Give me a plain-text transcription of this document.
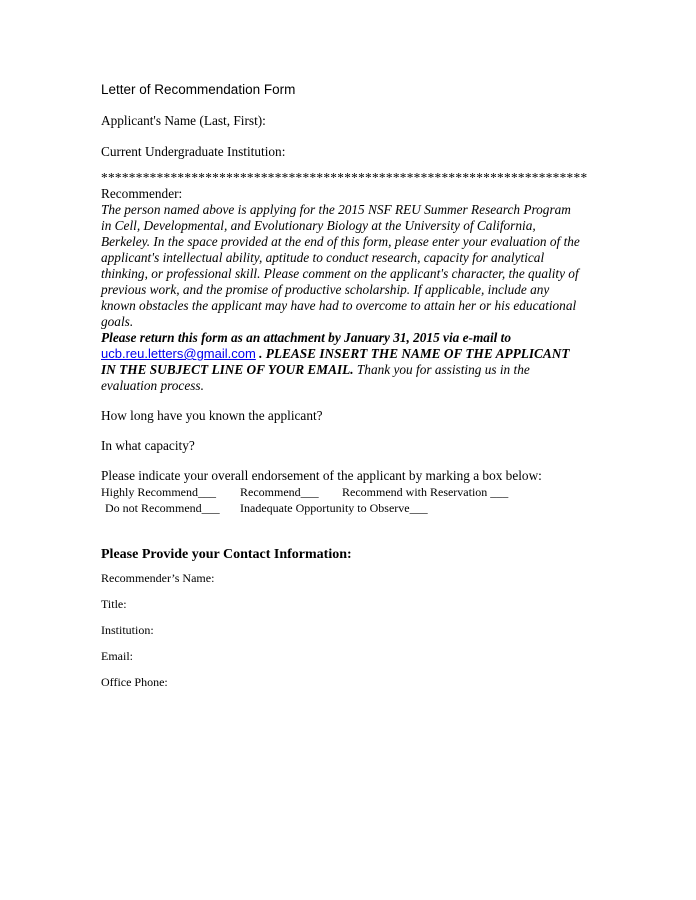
Letter of Recommendation Form

Applicant's Name (Last, First):

Current Undergraduate Institution:

**********************************************************************

Recommender:

The person named above is applying for the 2015 NSF REU Summer Research Program in Cell, Developmental, and Evolutionary Biology at the University of California, Berkeley. In the space provided at the end of this form, please enter your evaluation of the applicant's intellectual ability, aptitude to conduct research, capacity for analytical thinking, or professional skill. Please comment on the applicant's character, the quality of previous work, and the promise of productive scholarship. If applicable, include any known obstacles the applicant may have had to overcome to attain her or his educational goals.

Please return this form as an attachment by January 31, 2015 via e-mail to ucb.reu.letters@gmail.com . PLEASE INSERT THE NAME OF THE APPLICANT IN THE SUBJECT LINE OF YOUR EMAIL. Thank you for assisting us in the evaluation process.

How long have you known the applicant?

In what capacity?

Please indicate your overall endorsement of the applicant by marking a box below:

Highly Recommend___ Recommend___ Recommend with Reservation ___

Do not Recommend___ Inadequate Opportunity to Observe___

Please Provide your Contact Information:

Recommender’s Name:

Title:

Institution:

Email:

Office Phone:
